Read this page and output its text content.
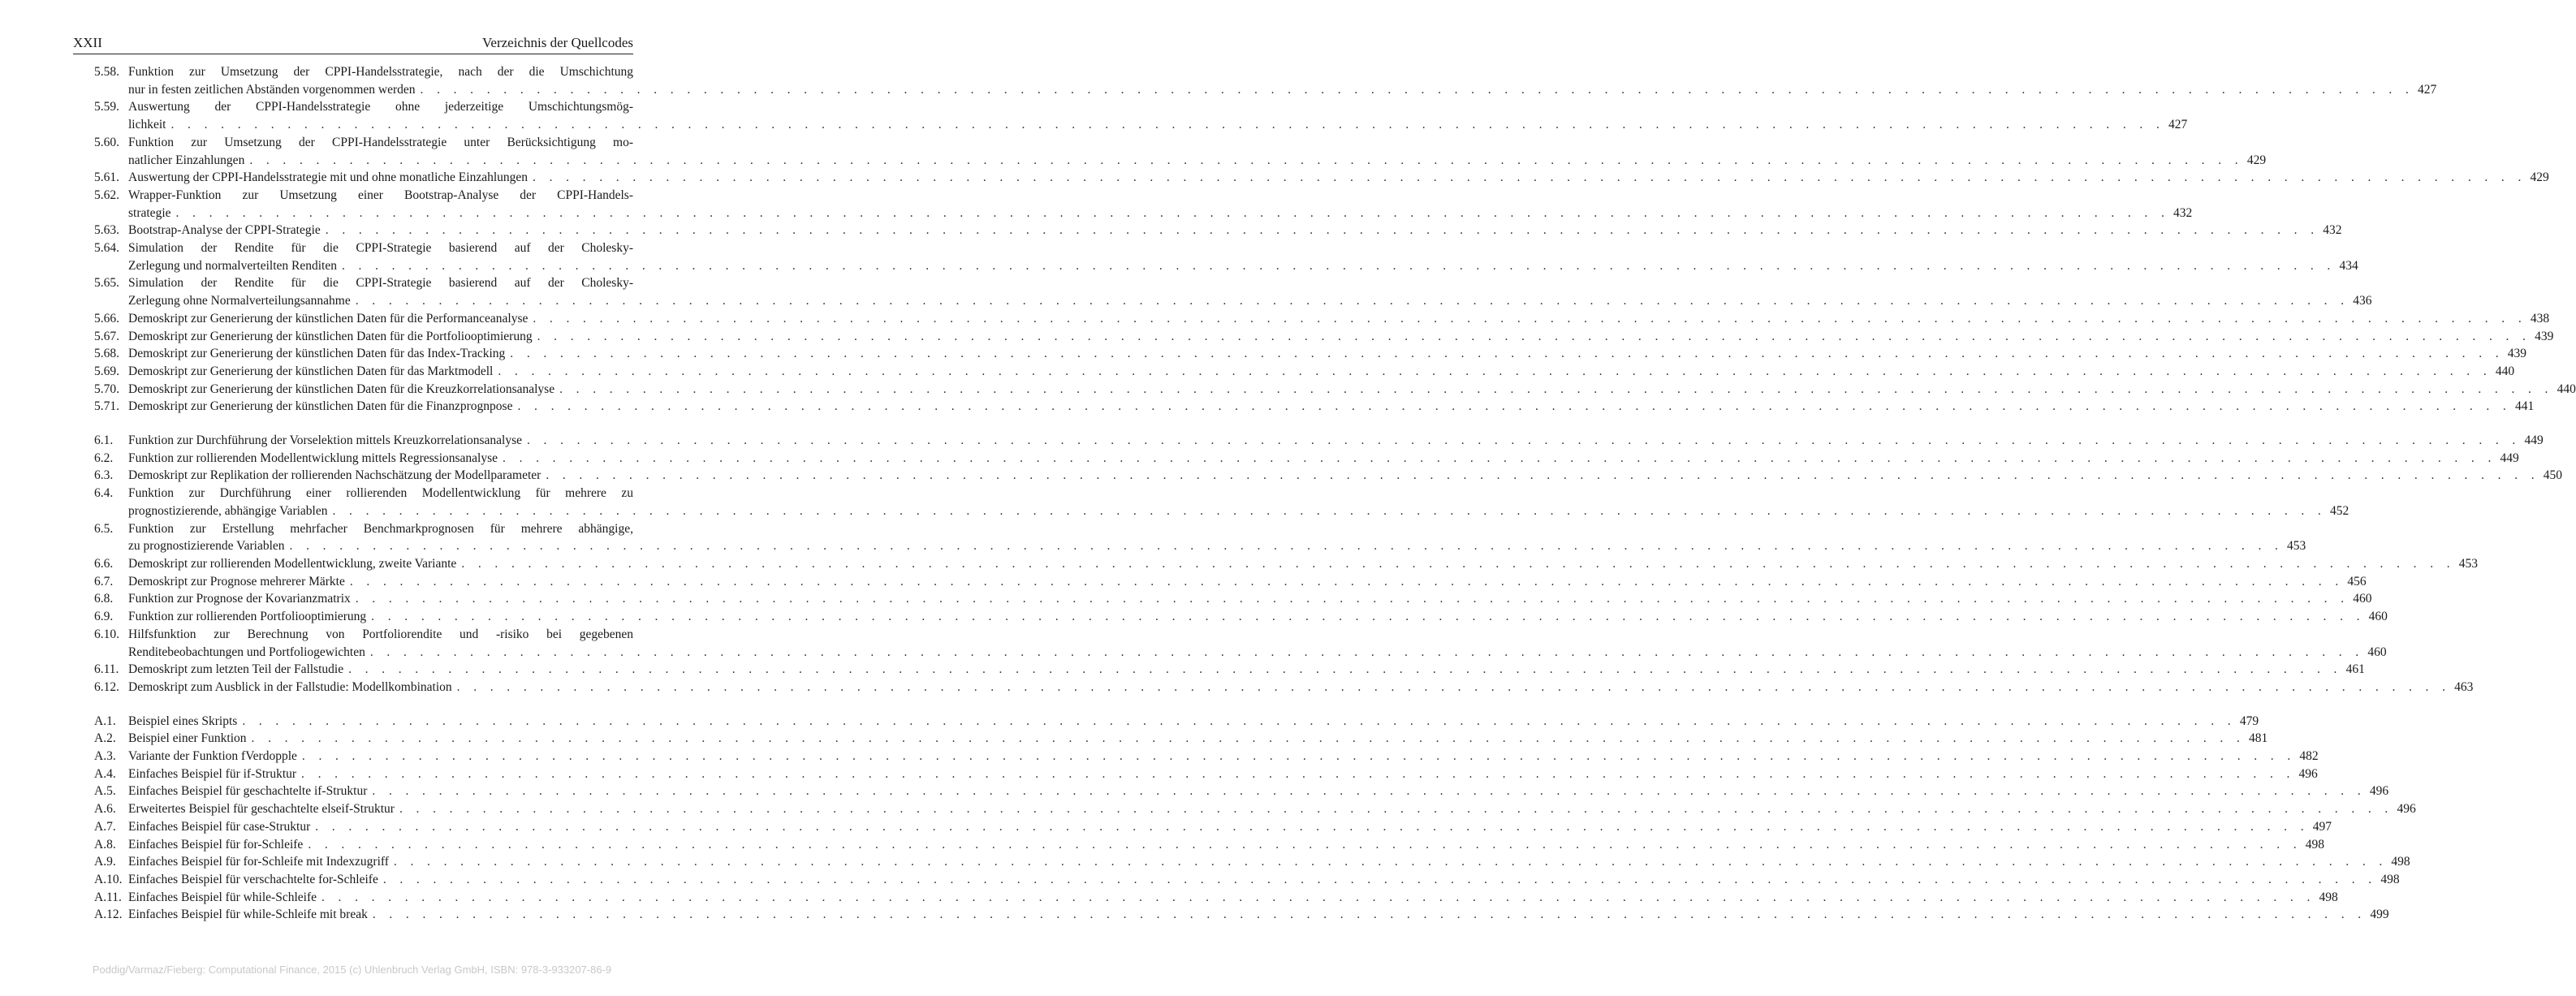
XXII	Verzeichnis der Quellcodes
5.58. Funktion zur Umsetzung der CPPI-Handelsstrategie, nach der die Umschichtung
nur in festen zeitlichen Abständen vorgenommen werden . . . . . . . . . . . . . . . . . . . . . . . . . . . . . . . . . . . . . . . . . . . . . . . . . . . . . . . . . . . . . . . . . . . . . . . . . . . . . . . . . . . . . . . . . . . . . . . . . . . . . . . . . . . . . . . . . . . . . . . . 427
5.59. Auswertung der CPPI-Handelsstrategie ohne jederzeitige Umschichtungsmög-
lichkeit . . . . . . . . . . . . . . . . . . . . . . . . . . . . . . . . . . . . . . . . . . . . . . . . . . . . . . . . . . . . . . . . . . . . . . . . . . . . . . . . . . . . . . . . . . . . . . . . . . . . . . . . . . . . . . . . . . . . . . . . 427
5.60. Funktion zur Umsetzung der CPPI-Handelsstrategie unter Berücksichtigung mo-
natlicher Einzahlungen . . . . . . . . . . . . . . . . . . . . . . . . . . . . . . . . . . . . . . . . . . . . . . . . . . . . . . . . . . . . . . . . . . . . . . . . . . . . . . . . . . . . . . . . . . . . . . . . . . . . . . . . . . . . . . . . . . . . . . . . 429
5.61. Auswertung der CPPI-Handelsstrategie mit und ohne monatliche Einzahlungen . . . . . . . . . . . . . . . . . . . . . . . . . . . . . . . . . . . . . . . . . . . . . . . . . . . . . . . . . . . . . . . . . . . . . . . . . . . . . . . . . . . . . . . . . . . . . . . . . . . . . . . . . . . . . . . . . . . . . . . . 429
5.62. Wrapper-Funktion zur Umsetzung einer Bootstrap-Analyse der CPPI-Handels-
strategie . . . . . . . . . . . . . . . . . . . . . . . . . . . . . . . . . . . . . . . . . . . . . . . . . . . . . . . . . . . . . . . . . . . . . . . . . . . . . . . . . . . . . . . . . . . . . . . . . . . . . . . . . . . . . . . . . . . . . . . . 432
5.63. Bootstrap-Analyse der CPPI-Strategie . . . . . . . . . . . . . . . . . . . . . . . . . . . . . . . . . . . . . . . . . . . . . . . . . . . . . . . . . . . . . . . . . . . . . . . . . . . . . . . . . . . . . . . . . . . . . . . . . . . . . . . . . . . . . . . . . . . . . . . . 432
5.64. Simulation der Rendite für die CPPI-Strategie basierend auf der Cholesky-
Zerlegung und normalverteilten Renditen . . . . . . . . . . . . . . . . . . . . . . . . . . . . . . . . . . . . . . . . . . . . . . . . . . . . . . . . . . . . . . . . . . . . . . . . . . . . . . . . . . . . . . . . . . . . . . . . . . . . . . . . . . . . . . . . . . . . . . . . 434
5.65. Simulation der Rendite für die CPPI-Strategie basierend auf der Cholesky-
Zerlegung ohne Normalverteilungsannahme . . . . . . . . . . . . . . . . . . . . . . . . . . . . . . . . . . . . . . . . . . . . . . . . . . . . . . . . . . . . . . . . . . . . . . . . . . . . . . . . . . . . . . . . . . . . . . . . . . . . . . . . . . . . . . . . . . . . . . . . 436
5.66. Demoskript zur Generierung der künstlichen Daten für die Performanceanalyse . . . . . . . . . . . . . . . . . . . . . . . . . . . . . . . . . . . . . . . . . . . . . . . . . . . . . . . . . . . . . . . . . . . . . . . . . . . . . . . . . . . . . . . . . . . . . . . . . . . . . . . . . . . . . . . . . . . . . . . . 438
5.67. Demoskript zur Generierung der künstlichen Daten für die Portfoliooptimierung . . . . . . . . . . . . . . . . . . . . . . . . . . . . . . . . . . . . . . . . . . . . . . . . . . . . . . . . . . . . . . . . . . . . . . . . . . . . . . . . . . . . . . . . . . . . . . . . . . . . . . . . . . . . . . . . . . . . . . . . 439
5.68. Demoskript zur Generierung der künstlichen Daten für das Index-Tracking . . . . . . . . . . . . . . . . . . . . . . . . . . . . . . . . . . . . . . . . . . . . . . . . . . . . . . . . . . . . . . . . . . . . . . . . . . . . . . . . . . . . . . . . . . . . . . . . . . . . . . . . . . . . . . . . . . . . . . . . 439
5.69. Demoskript zur Generierung der künstlichen Daten für das Marktmodell . . . . . . . . . . . . . . . . . . . . . . . . . . . . . . . . . . . . . . . . . . . . . . . . . . . . . . . . . . . . . . . . . . . . . . . . . . . . . . . . . . . . . . . . . . . . . . . . . . . . . . . . . . . . . . . . . . . . . . . . 440
5.70. Demoskript zur Generierung der künstlichen Daten für die Kreuzkorrelationsanalyse . . . . . . . . . . . . . . . . . . . . . . . . . . . . . . . . . . . . . . . . . . . . . . . . . . . . . . . . . . . . . . . . . . . . . . . . . . . . . . . . . . . . . . . . . . . . . . . . . . . . . . . . . . . . . . . . . . . . . . . . 440
5.71. Demoskript zur Generierung der künstlichen Daten für die Finanzprognpose . . . . . . . . . . . . . . . . . . . . . . . . . . . . . . . . . . . . . . . . . . . . . . . . . . . . . . . . . . . . . . . . . . . . . . . . . . . . . . . . . . . . . . . . . . . . . . . . . . . . . . . . . . . . . . . . . . . . . . . . 441
6.1. Funktion zur Durchführung der Vorselektion mittels Kreuzkorrelationsanalyse . . . . . . . . . . . . . . . . . . . . . . . . . . . . . . . . . . . . . . . . . . . . . . . . . . . . . . . . . . . . . . . . . . . . . . . . . . . . . . . . . . . . . . . . . . . . . . . . . . . . . . . . . . . . . . . . . . . . . . . . 449
6.2. Funktion zur rollierenden Modellentwicklung mittels Regressionsanalyse . . . . . . . . . . . . . . . . . . . . . . . . . . . . . . . . . . . . . . . . . . . . . . . . . . . . . . . . . . . . . . . . . . . . . . . . . . . . . . . . . . . . . . . . . . . . . . . . . . . . . . . . . . . . . . . . . . . . . . . . 449
6.3. Demoskript zur Replikation der rollierenden Nachschätzung der Modellparameter . . . . . . . . . . . . . . . . . . . . . . . . . . . . . . . . . . . . . . . . . . . . . . . . . . . . . . . . . . . . . . . . . . . . . . . . . . . . . . . . . . . . . . . . . . . . . . . . . . . . . . . . . . . . . . . . . . . . . . . . 450
6.4. Funktion zur Durchführung einer rollierenden Modellentwicklung für mehrere zu
prognostizierende, abhängige Variablen . . . . . . . . . . . . . . . . . . . . . . . . . . . . . . . . . . . . . . . . . . . . . . . . . . . . . . . . . . . . . . . . . . . . . . . . . . . . . . . . . . . . . . . . . . . . . . . . . . . . . . . . . . . . . . . . . . . . . . . . 452
6.5. Funktion zur Erstellung mehrfacher Benchmarkprognosen für mehrere abhängige,
zu prognostizierende Variablen . . . . . . . . . . . . . . . . . . . . . . . . . . . . . . . . . . . . . . . . . . . . . . . . . . . . . . . . . . . . . . . . . . . . . . . . . . . . . . . . . . . . . . . . . . . . . . . . . . . . . . . . . . . . . . . . . . . . . . . . 453
6.6. Demoskript zur rollierenden Modellentwicklung, zweite Variante . . . . . . . . . . . . . . . . . . . . . . . . . . . . . . . . . . . . . . . . . . . . . . . . . . . . . . . . . . . . . . . . . . . . . . . . . . . . . . . . . . . . . . . . . . . . . . . . . . . . . . . . . . . . . . . . . . . . . . . . 453
6.7. Demoskript zur Prognose mehrerer Märkte . . . . . . . . . . . . . . . . . . . . . . . . . . . . . . . . . . . . . . . . . . . . . . . . . . . . . . . . . . . . . . . . . . . . . . . . . . . . . . . . . . . . . . . . . . . . . . . . . . . . . . . . . . . . . . . . . . . . . . . . 456
6.8. Funktion zur Prognose der Kovarianzmatrix . . . . . . . . . . . . . . . . . . . . . . . . . . . . . . . . . . . . . . . . . . . . . . . . . . . . . . . . . . . . . . . . . . . . . . . . . . . . . . . . . . . . . . . . . . . . . . . . . . . . . . . . . . . . . . . . . . . . . . . . 460
6.9. Funktion zur rollierenden Portfoliooptimierung . . . . . . . . . . . . . . . . . . . . . . . . . . . . . . . . . . . . . . . . . . . . . . . . . . . . . . . . . . . . . . . . . . . . . . . . . . . . . . . . . . . . . . . . . . . . . . . . . . . . . . . . . . . . . . . . . . . . . . . . 460
6.10. Hilfsfunktion zur Berechnung von Portfoliorendite und -risiko bei gegebenen
Renditebeobachtungen und Portfoliogewichten . . . . . . . . . . . . . . . . . . . . . . . . . . . . . . . . . . . . . . . . . . . . . . . . . . . . . . . . . . . . . . . . . . . . . . . . . . . . . . . . . . . . . . . . . . . . . . . . . . . . . . . . . . . . . . . . . . . . . . . . 460
6.11. Demoskript zum letzten Teil der Fallstudie . . . . . . . . . . . . . . . . . . . . . . . . . . . . . . . . . . . . . . . . . . . . . . . . . . . . . . . . . . . . . . . . . . . . . . . . . . . . . . . . . . . . . . . . . . . . . . . . . . . . . . . . . . . . . . . . . . . . . . . . 461
6.12. Demoskript zum Ausblick in der Fallstudie: Modellkombination . . . . . . . . . . . . . . . . . . . . . . . . . . . . . . . . . . . . . . . . . . . . . . . . . . . . . . . . . . . . . . . . . . . . . . . . . . . . . . . . . . . . . . . . . . . . . . . . . . . . . . . . . . . . . . . . . . . . . . . . 463
A.1. Beispiel eines Skripts . . . . . . . . . . . . . . . . . . . . . . . . . . . . . . . . . . . . . . . . . . . . . . . . . . . . . . . . . . . . . . . . . . . . . . . . . . . . . . . . . . . . . . . . . . . . . . . . . . . . . . . . . . . . . . . . . . . . . . . . 479
A.2. Beispiel einer Funktion . . . . . . . . . . . . . . . . . . . . . . . . . . . . . . . . . . . . . . . . . . . . . . . . . . . . . . . . . . . . . . . . . . . . . . . . . . . . . . . . . . . . . . . . . . . . . . . . . . . . . . . . . . . . . . . . . . . . . . . . 481
A.3. Variante der Funktion fVerdopple . . . . . . . . . . . . . . . . . . . . . . . . . . . . . . . . . . . . . . . . . . . . . . . . . . . . . . . . . . . . . . . . . . . . . . . . . . . . . . . . . . . . . . . . . . . . . . . . . . . . . . . . . . . . . . . . . . . . . . . . 482
A.4. Einfaches Beispiel für if-Struktur . . . . . . . . . . . . . . . . . . . . . . . . . . . . . . . . . . . . . . . . . . . . . . . . . . . . . . . . . . . . . . . . . . . . . . . . . . . . . . . . . . . . . . . . . . . . . . . . . . . . . . . . . . . . . . . . . . . . . . . . 496
A.5. Einfaches Beispiel für geschachtelte if-Struktur . . . . . . . . . . . . . . . . . . . . . . . . . . . . . . . . . . . . . . . . . . . . . . . . . . . . . . . . . . . . . . . . . . . . . . . . . . . . . . . . . . . . . . . . . . . . . . . . . . . . . . . . . . . . . . . . . . . . . . . . 496
A.6. Erweitertes Beispiel für geschachtelte elseif-Struktur . . . . . . . . . . . . . . . . . . . . . . . . . . . . . . . . . . . . . . . . . . . . . . . . . . . . . . . . . . . . . . . . . . . . . . . . . . . . . . . . . . . . . . . . . . . . . . . . . . . . . . . . . . . . . . . . . . . . . . . . 496
A.7. Einfaches Beispiel für case-Struktur . . . . . . . . . . . . . . . . . . . . . . . . . . . . . . . . . . . . . . . . . . . . . . . . . . . . . . . . . . . . . . . . . . . . . . . . . . . . . . . . . . . . . . . . . . . . . . . . . . . . . . . . . . . . . . . . . . . . . . . . 497
A.8. Einfaches Beispiel für for-Schleife . . . . . . . . . . . . . . . . . . . . . . . . . . . . . . . . . . . . . . . . . . . . . . . . . . . . . . . . . . . . . . . . . . . . . . . . . . . . . . . . . . . . . . . . . . . . . . . . . . . . . . . . . . . . . . . . . . . . . . . . 498
A.9. Einfaches Beispiel für for-Schleife mit Indexzugriff . . . . . . . . . . . . . . . . . . . . . . . . . . . . . . . . . . . . . . . . . . . . . . . . . . . . . . . . . . . . . . . . . . . . . . . . . . . . . . . . . . . . . . . . . . . . . . . . . . . . . . . . . . . . . . . . . . . . . . . . 498
A.10. Einfaches Beispiel für verschachtelte for-Schleife . . . . . . . . . . . . . . . . . . . . . . . . . . . . . . . . . . . . . . . . . . . . . . . . . . . . . . . . . . . . . . . . . . . . . . . . . . . . . . . . . . . . . . . . . . . . . . . . . . . . . . . . . . . . . . . . . . . . . . . . 498
A.11. Einfaches Beispiel für while-Schleife . . . . . . . . . . . . . . . . . . . . . . . . . . . . . . . . . . . . . . . . . . . . . . . . . . . . . . . . . . . . . . . . . . . . . . . . . . . . . . . . . . . . . . . . . . . . . . . . . . . . . . . . . . . . . . . . . . . . . . . . 498
A.12. Einfaches Beispiel für while-Schleife mit break . . . . . . . . . . . . . . . . . . . . . . . . . . . . . . . . . . . . . . . . . . . . . . . . . . . . . . . . . . . . . . . . . . . . . . . . . . . . . . . . . . . . . . . . . . . . . . . . . . . . . . . . . . . . . . . . . . . . . . . . 499
Poddig/Varmaz/Fieberg: Computational Finance, 2015 (c) Uhlenbruch Verlag GmbH, ISBN: 978-3-933207-86-9
